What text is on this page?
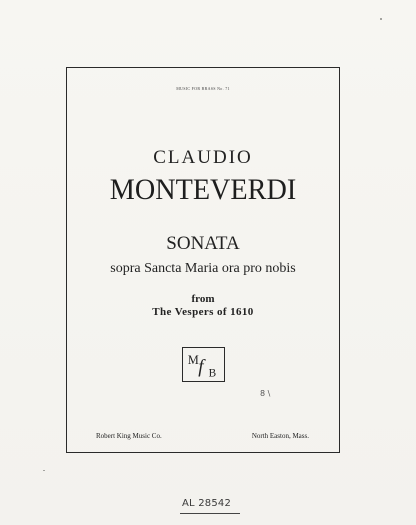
MUSIC FOR BRASS No. 71
CLAUDIO
MONTEVERDI
SONATA
sopra Sancta Maria ora pro nobis
from
The Vespers of 1610
M f B
8 \
Robert King Music Co.	North Easton, Mass.
AL 28542
